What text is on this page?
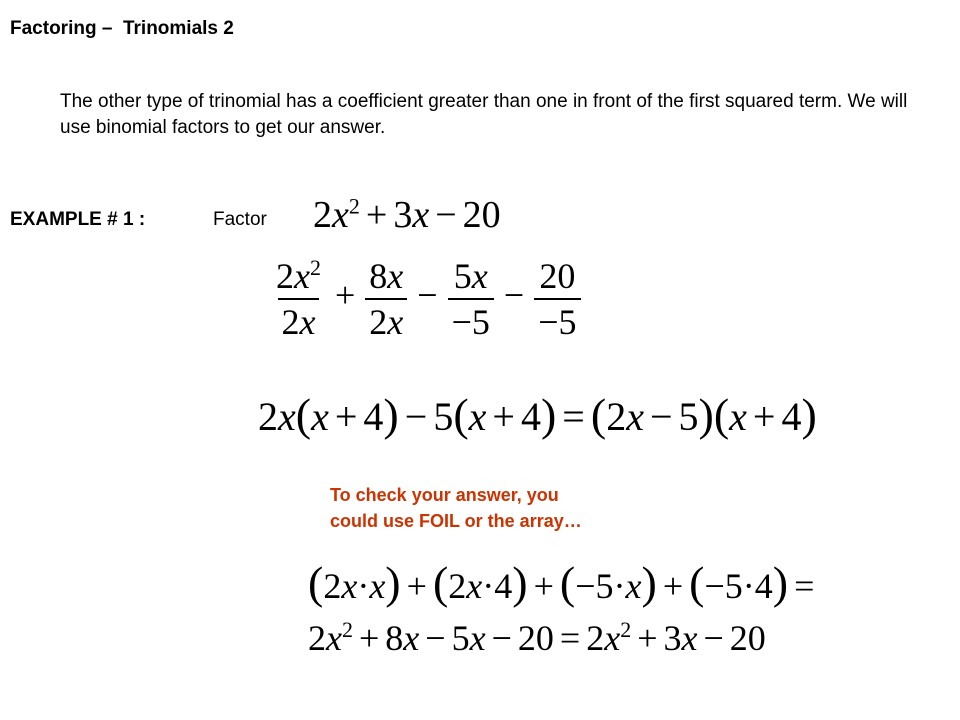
Factoring –  Trinomials 2
The other type of trinomial has a coefficient greater than one in front of the first squared term. We will use binomial factors to get our answer.
EXAMPLE # 1 :	Factor $2x^2 + 3x - 20$
$\frac{2x^2}{2x} + \frac{8x}{2x} - \frac{5x}{-5} - \frac{20}{-5}$
2x(x + 4) − 5(x + 4) = (2x − 5)(x + 4)
To check your answer, you
could use FOIL or the array…
(2x·x) + (2x·4) + (−5·x) + (−5·4) =
$2x^2 + 8x - 5x - 20 = 2x^2 + 3x - 20$
